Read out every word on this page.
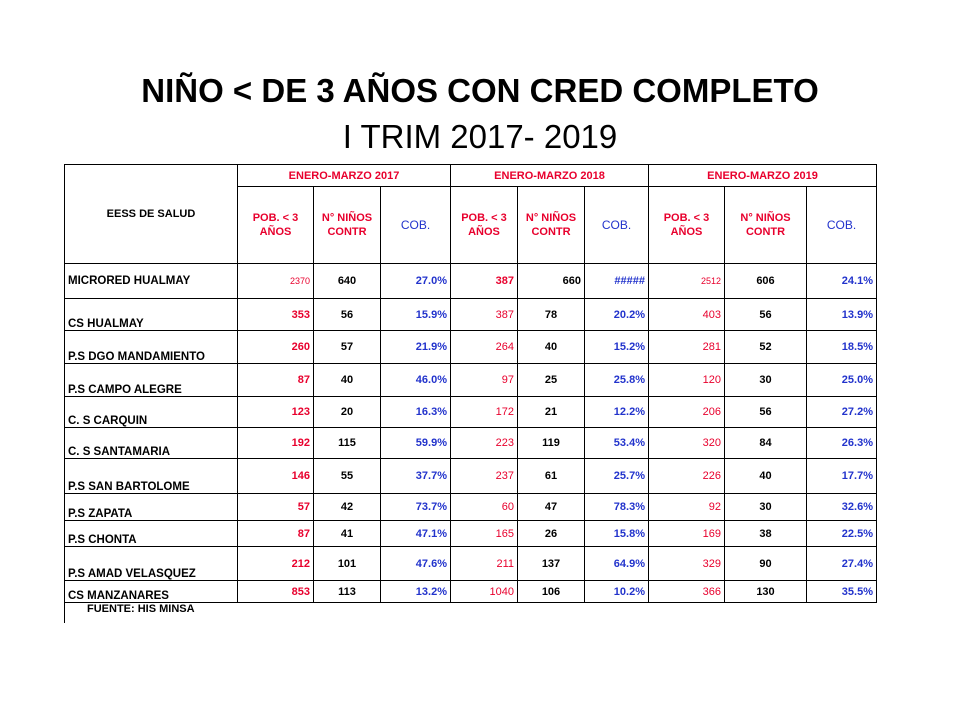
NIÑO < DE 3 AÑOS CON CRED COMPLETO
I TRIM 2017- 2019
EESS DE SALUD	ENERO-MARZO 2017			ENERO-MARZO 2018			ENERO-MARZO 2019		
	POB. < 3 AÑOS	N° NIÑOS CONTR	COB.	POB. < 3 AÑOS	N° NIÑOS CONTR	COB.	POB. < 3 AÑOS	N° NIÑOS CONTR	COB.
MICRORED HUALMAY	2370	640	27.0%	387	660	#####	2512	606	24.1%
CS HUALMAY	353	56	15.9%	387	78	20.2%	403	56	13.9%
P.S DGO MANDAMIENTO	260	57	21.9%	264	40	15.2%	281	52	18.5%
P.S CAMPO ALEGRE	87	40	46.0%	97	25	25.8%	120	30	25.0%
C. S CARQUIN	123	20	16.3%	172	21	12.2%	206	56	27.2%
C. S SANTAMARIA	192	115	59.9%	223	119	53.4%	320	84	26.3%
P.S SAN BARTOLOME	146	55	37.7%	237	61	25.7%	226	40	17.7%
P.S ZAPATA	57	42	73.7%	60	47	78.3%	92	30	32.6%
P.S CHONTA	87	41	47.1%	165	26	15.8%	169	38	22.5%
P.S AMAD VELASQUEZ	212	101	47.6%	211	137	64.9%	329	90	27.4%
CS MANZANARES	853	113	13.2%	1040	106	10.2%	366	130	35.5%
FUENTE: HIS MINSA									
